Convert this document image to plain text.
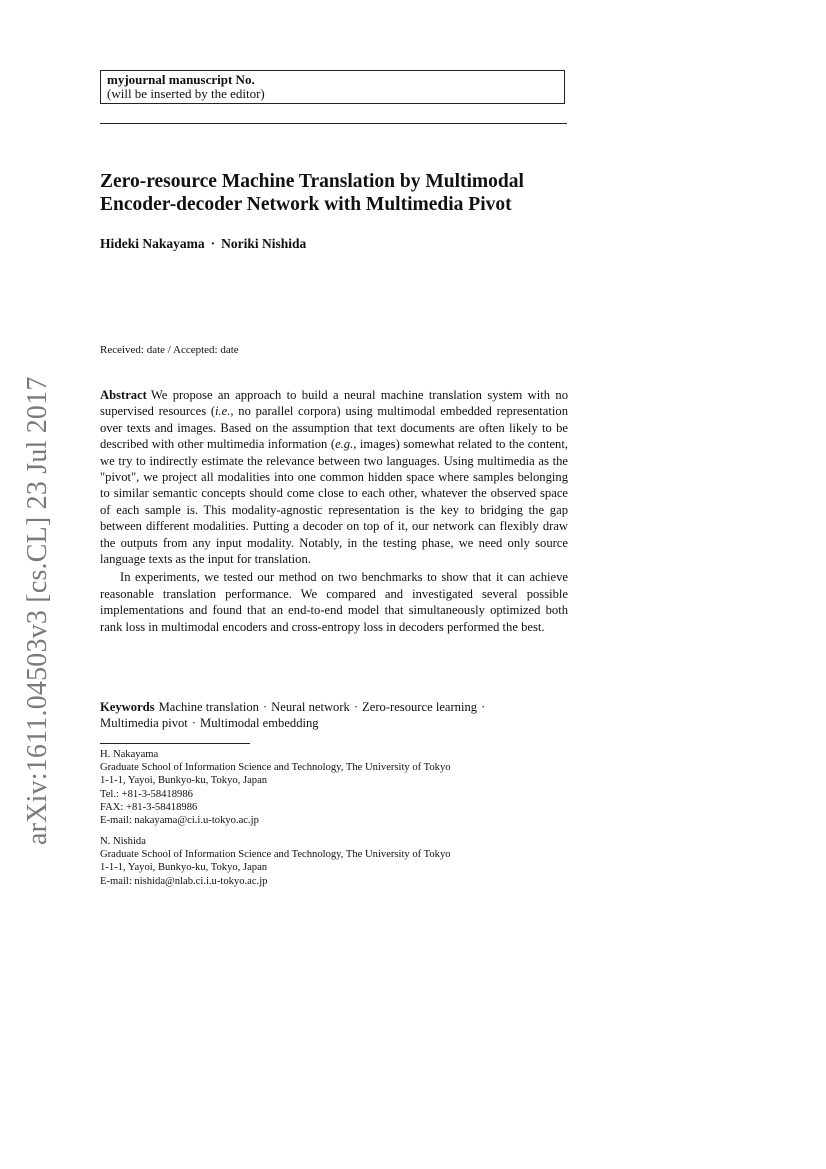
arXiv:1611.04503v3 [cs.CL] 23 Jul 2017
myjournal manuscript No.
(will be inserted by the editor)
Zero-resource Machine Translation by Multimodal
Encoder-decoder Network with Multimedia Pivot
Hideki Nakayama · Noriki Nishida
Received: date / Accepted: date

Abstract We propose an approach to build a neural machine translation system with no supervised resources (i.e., no parallel corpora) using multimodal embedded representation over texts and images. Based on the assumption that text documents are often likely to be described with other multimedia information (e.g., images) somewhat related to the content, we try to indirectly estimate the relevance between two languages. Using multimedia as the "pivot", we project all modalities into one common hidden space where samples belonging to similar semantic concepts should come close to each other, whatever the observed space of each sample is. This modality-agnostic representation is the key to bridging the gap between different modalities. Putting a decoder on top of it, our network can flexibly draw the outputs from any input modality. Notably, in the testing phase, we need only source language texts as the input for translation.

In experiments, we tested our method on two benchmarks to show that it can achieve reasonable translation performance. We compared and investigated several possible implementations and found that an end-to-end model that simultaneously optimized both rank loss in multimodal encoders and cross-entropy loss in decoders performed the best.

Keywords Machine translation · Neural network · Zero-resource learning ·
Multimedia pivot · Multimodal embedding
H. Nakayama
Graduate School of Information Science and Technology, The University of Tokyo
1-1-1, Yayoi, Bunkyo-ku, Tokyo, Japan
Tel.: +81-3-58418986
FAX: +81-3-58418986
E-mail: nakayama@ci.i.u-tokyo.ac.jp
N. Nishida
Graduate School of Information Science and Technology, The University of Tokyo
1-1-1, Yayoi, Bunkyo-ku, Tokyo, Japan
E-mail: nishida@nlab.ci.i.u-tokyo.ac.jp
